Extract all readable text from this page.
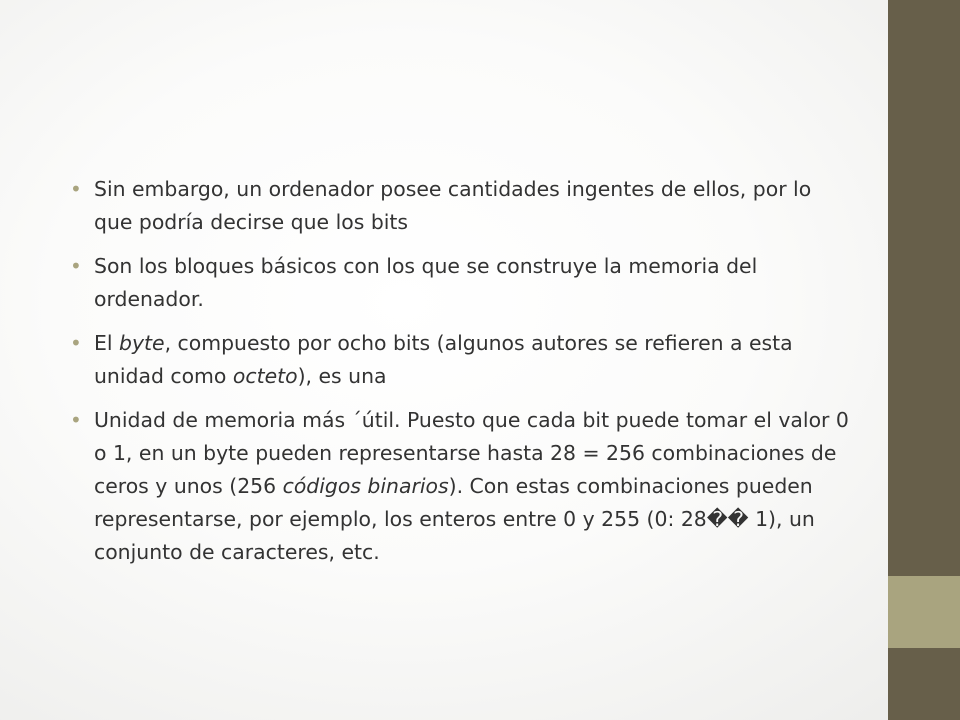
• Sin embargo, un ordenador posee cantidades ingentes de ellos, por lo que podría decirse que los bits
• Son los bloques básicos con los que se construye la memoria del ordenador.
• El byte, compuesto por ocho bits (algunos autores se refieren a esta unidad como octeto), es una
• Unidad de memoria más ´útil. Puesto que cada bit puede tomar el valor 0 o 1, en un byte pueden representarse hasta 28 = 256 combinaciones de ceros y unos (256 códigos binarios). Con estas combinaciones pueden representarse, por ejemplo, los enteros entre 0 y 255 (0: 28�� 1), un conjunto de caracteres, etc.
